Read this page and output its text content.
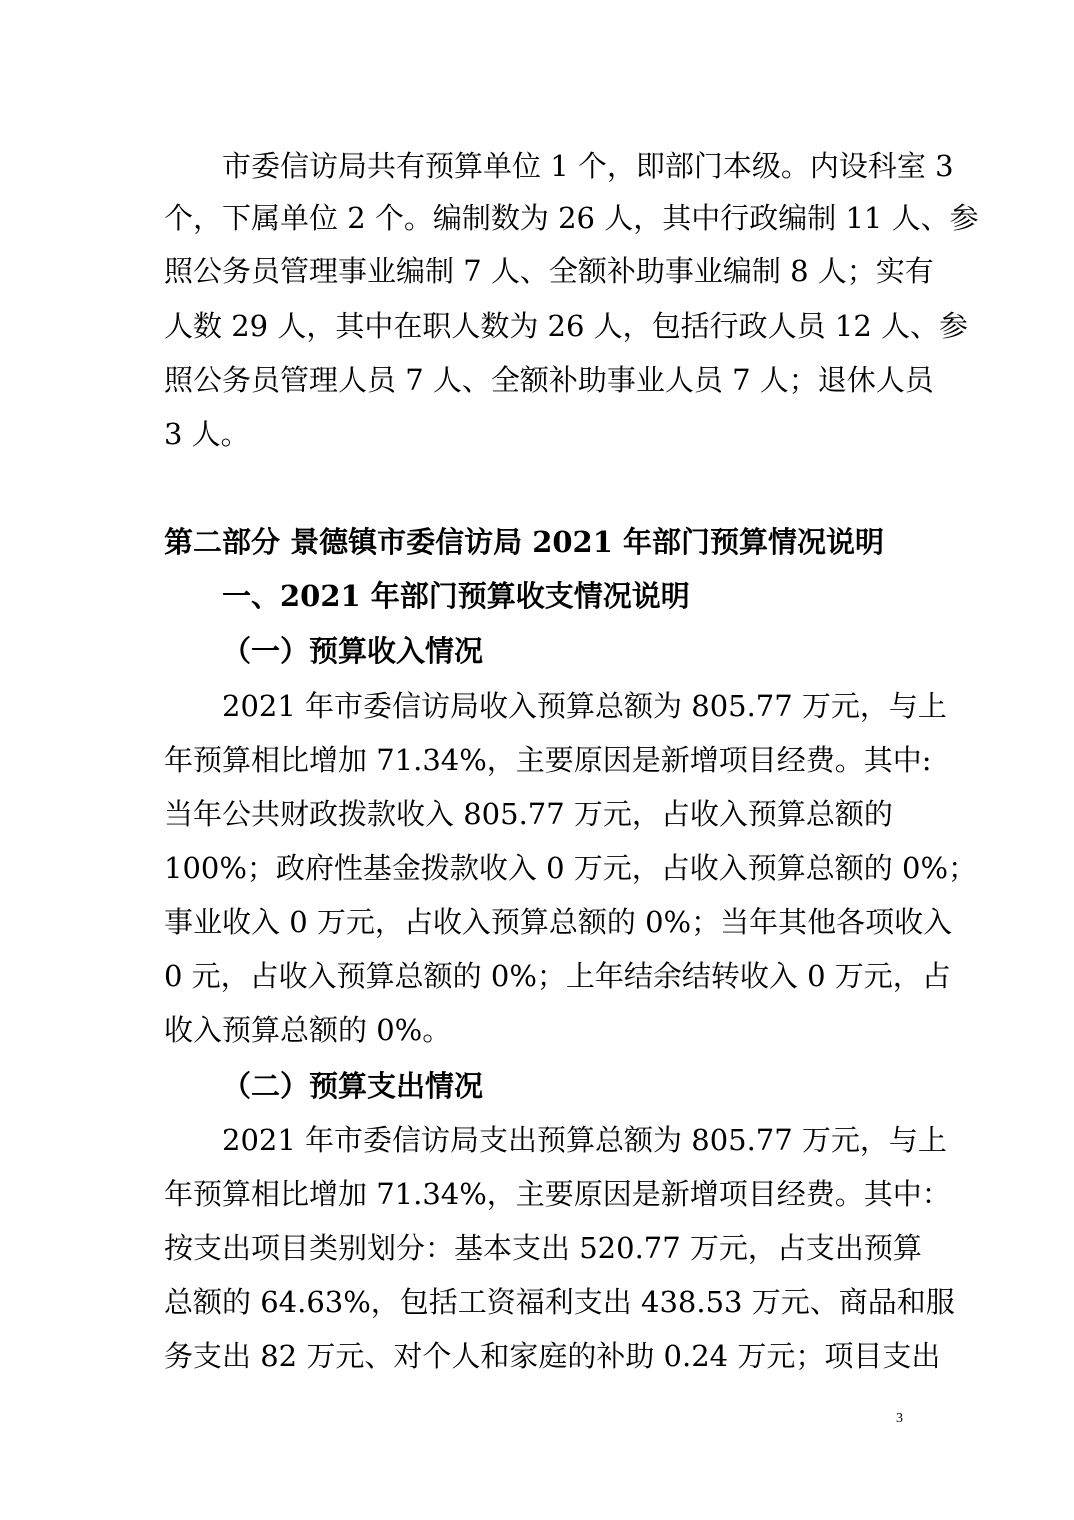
市委信访局共有预算单位 1 个，即部门本级。内设科室 3

个，下属单位 2 个。编制数为 26 人，其中行政编制 11 人、参

照公务员管理事业编制 7 人、全额补助事业编制 8 人；实有

人数 29 人，其中在职人数为 26 人，包括行政人员 12 人、参

照公务员管理人员 7 人、全额补助事业人员 7 人；退休人员

3 人。

第二部分 景德镇市委信访局 2021 年部门预算情况说明

一、2021 年部门预算收支情况说明

（一）预算收入情况

2021 年市委信访局收入预算总额为 805.77 万元，与上

年预算相比增加 71.34%，主要原因是新增项目经费。其中:

当年公共财政拨款收入 805.77 万元，占收入预算总额的

100%；政府性基金拨款收入 0 万元，占收入预算总额的 0%；

事业收入 0 万元，占收入预算总额的 0%；当年其他各项收入

0 元，占收入预算总额的 0%；上年结余结转收入 0 万元，占

收入预算总额的 0%。

（二）预算支出情况

2021 年市委信访局支出预算总额为 805.77 万元，与上

年预算相比增加 71.34%，主要原因是新增项目经费。其中：

按支出项目类别划分：基本支出 520.77 万元，占支出预算

总额的 64.63%，包括工资福利支出 438.53 万元、商品和服

务支出 82 万元、对个人和家庭的补助 0.24 万元；项目支出

3
